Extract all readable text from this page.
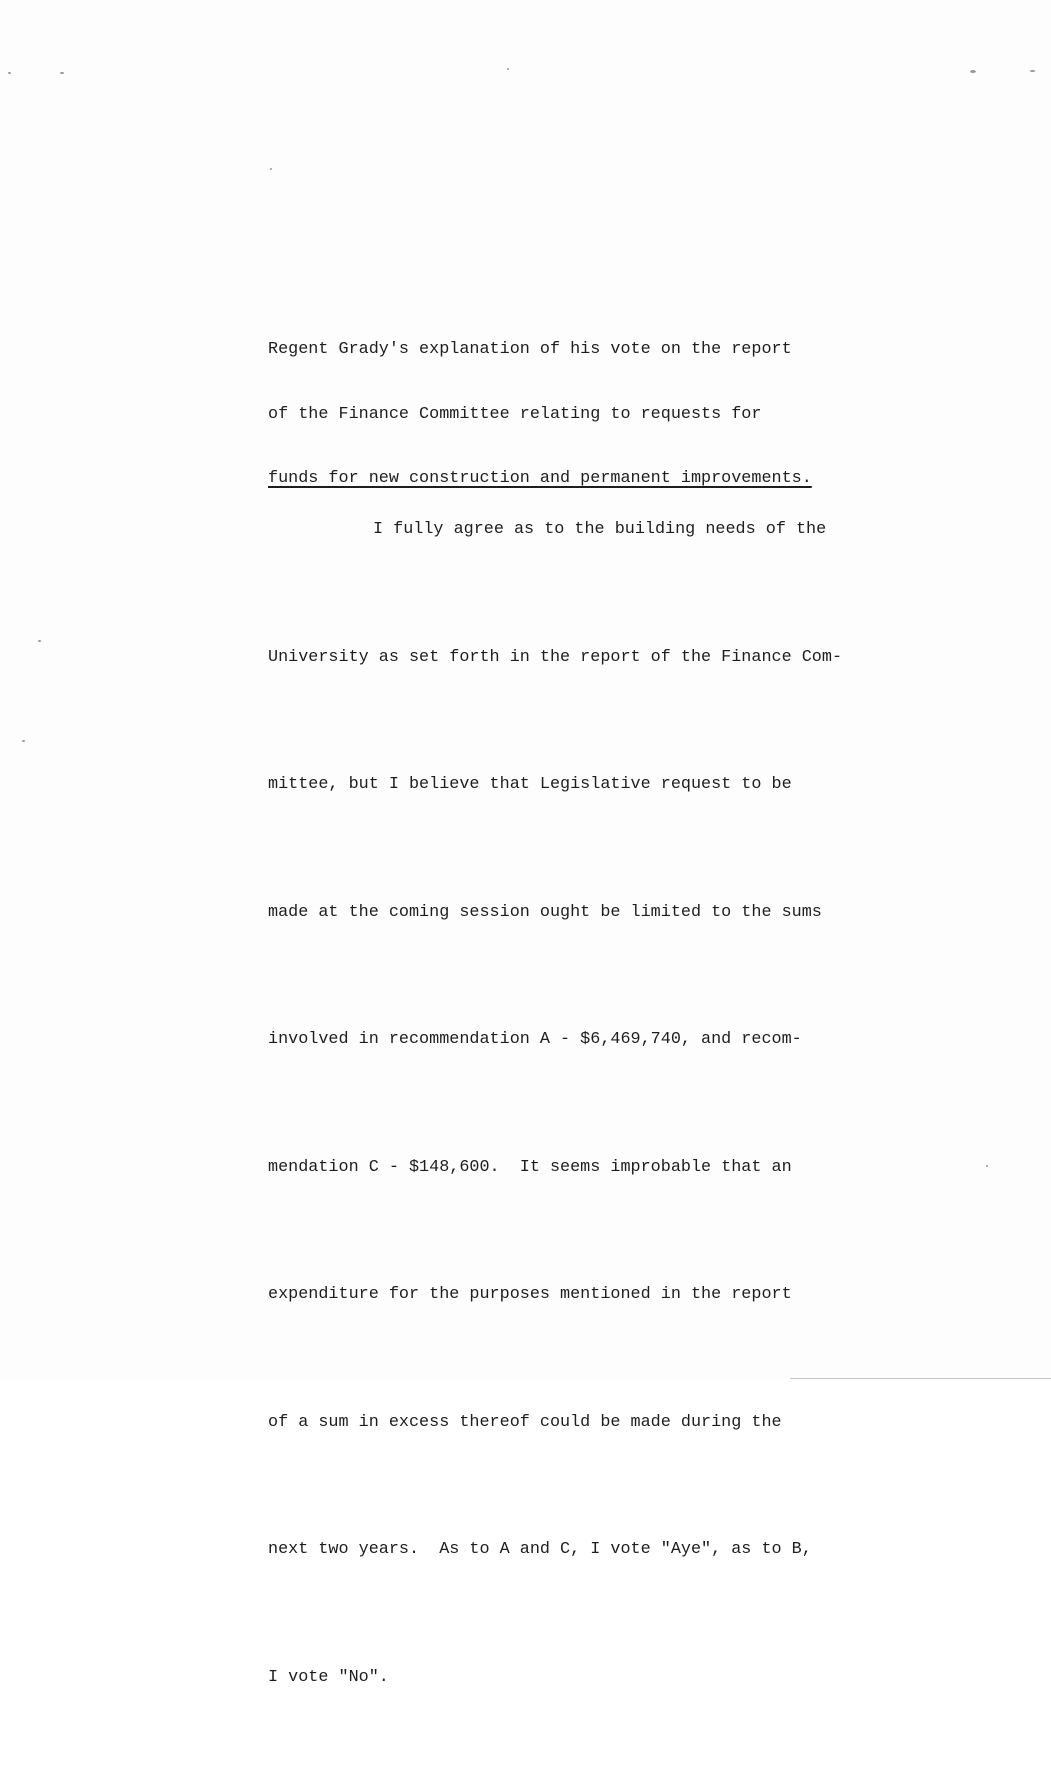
Regent Grady's explanation of his vote on the report

of the Finance Committee relating to requests for

funds for new construction and permanent improvements.

I fully agree as to the building needs of the

University as set forth in the report of the Finance Com-

mittee, but I believe that Legislative request to be

made at the coming session ought be limited to the sums

involved in recommendation A - $6,469,740, and recom-

mendation C - $148,600.  It seems improbable that an

expenditure for the purposes mentioned in the report

of a sum in excess thereof could be made during the

next two years.  As to A and C, I vote "Aye", as to B,

I vote "No".
